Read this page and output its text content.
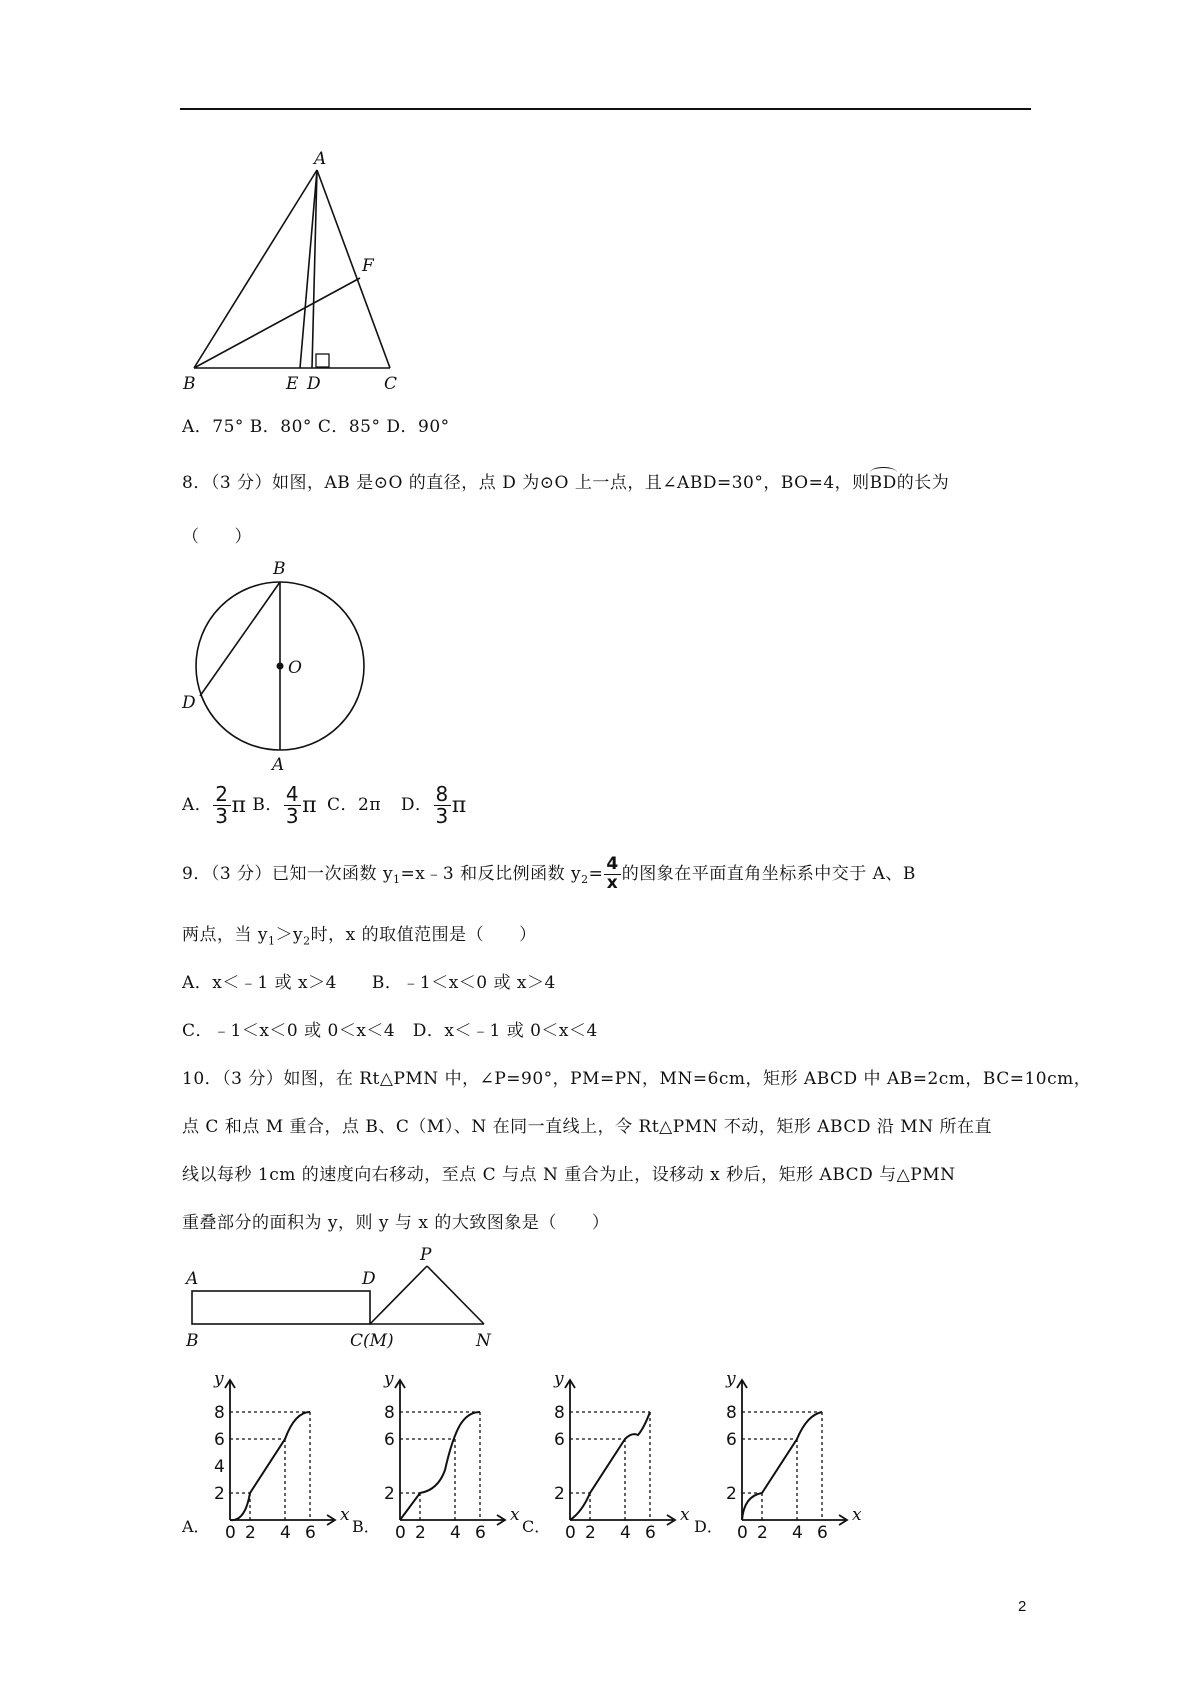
A
F
B	E D	C
A．75° B．80° C．85° D．90°
8．（3 分）如图，AB 是⊙O 的直径，点 D 为⊙O 上一点，且∠ABD=30°，BO=4，则BD的长为
（　　）
B
O
D
A
A． $\frac{2}{3}$ π B． $\frac{4}{3}$ π C．2π D． $\frac{8}{3}$ π
9．（3 分）已知一次函数 $y_1=x﹣3$ 和反比例函数 $y_2= \frac{4}{x}$ 的图象在平面直角坐标系中交于 A、B
两点，当 $y_1>y_2$时，x 的取值范围是（　　）
A．x＜﹣1 或 x＞4　　B．﹣1＜x＜0 或 x＞4
C．﹣1＜x＜0 或 0＜x＜4　D．x＜﹣1 或 0＜x＜4
10．（3 分）如图，在 Rt△PMN 中，∠P=90°，PM=PN，MN=6cm，矩形 ABCD 中 AB=2cm，BC=10cm，
点 C 和点 M 重合，点 B、C（M）、N 在同一直线上，令 Rt△PMN 不动，矩形 ABCD 沿 MN 所在直
线以每秒 1cm 的速度向右移动，至点 C 与点 N 重合为止，设移动 x 秒后，矩形 ABCD 与△PMN
重叠部分的面积为 y，则 y 与 x 的大致图象是（　　）
A	D
P
B	C(M)	N
y
x
8
6
4
2
0 2 4 6
A．
y
x
8
6
2
0 2 4 6
B．
y
x
8
6
2
0 2 4 6
C．
y
x
8
6
2
0 2 4 6
D．
2
